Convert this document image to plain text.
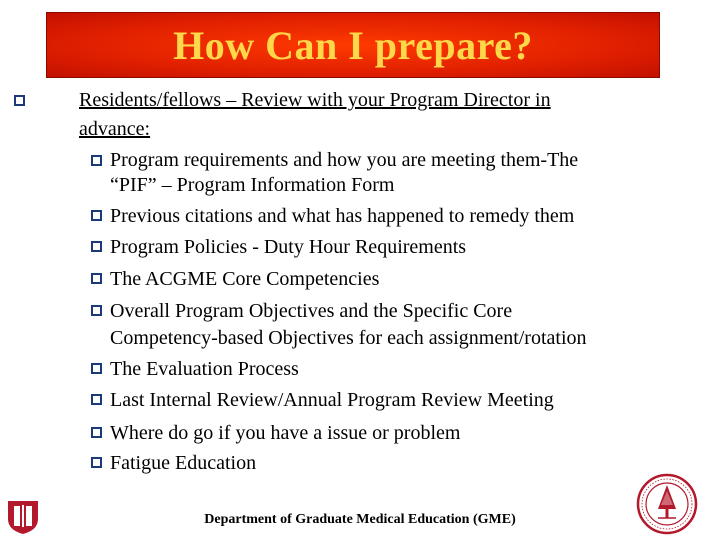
How Can I prepare?
Residents/fellows – Review with your Program Director in
advance:
Program requirements and how you are meeting them-The
“PIF” – Program Information Form
Previous citations and what has happened to remedy them
Program Policies - Duty Hour Requirements
The ACGME Core Competencies
Overall Program Objectives and the Specific Core
Competency-based Objectives for each assignment/rotation
The Evaluation Process
Last Internal Review/Annual Program Review Meeting
Where do go if you have a issue or problem
Fatigue Education
Department of Graduate Medical Education (GME)
